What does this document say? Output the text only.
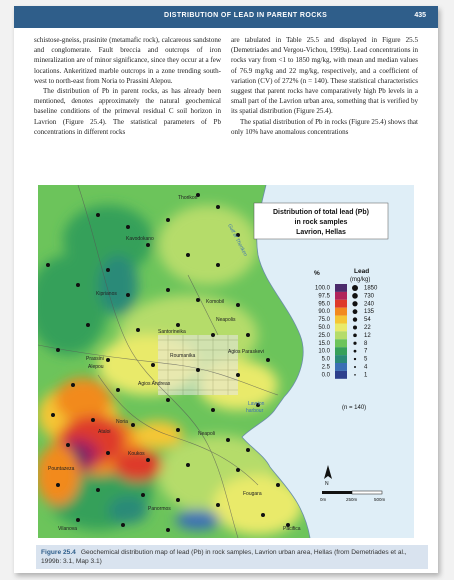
DISTRIBUTION OF LEAD IN PARENT ROCKS	435

schistose-gneiss, prasinite (metamafic rock), calcareous sandstone and conglomerate. Fault breccia and outcrops of iron mineralization are of minor significance, since they occur at a few locations. Ankeritized marble outcrops in a zone trending south-west to north-east from Noria to Prassini Alepou.

The distribution of Pb in parent rocks, as has already been mentioned, denotes approximately the natural geochemical baseline conditions of the primeval residual C soil horizon in Lavrion (Figure 25.4). The statistical parameters of Pb concentrations in different rocks

are tabulated in Table 25.5 and displayed in Figure 25.5 (Demetriades and Vergou-Vichou, 1999a). Lead concentrations in rocks vary from <1 to 1850 mg/kg, with mean and median values of 76.9 mg/kg and 22 mg/kg, respectively, and a coefficient of variation (CV) of 272% (n = 140). These statistical characteristics suggest that parent rocks have comparatively high Pb levels in a small part of the Lavrion urban area, something that is verified by its spatial distribution (Figure 25.4).

The spatial distribution of Pb in rocks (Figure 25.4) shows that only 10% have anomalous concentrations

Thorikon
Kavodokano	Gulf of Thorikon
Kiprianos
Santorineika
Komobil
Neapolis
Prassini
Alepou
Agios Paraskevi
Roumanika
Agios Andreas
Lavrion
harbour
Neapoli
Noria
Ataloi
Koukos
Pountazeza
Fougara
Panormos
Vilanova	Pacifica
Distribution of total lead (Pb)
in rock samples
Lavrion, Hellas
%	Lead
(mg/kg)
100.0	1850
97.5	730
95.0	240
90.0	135
75.0	54
50.0	22
25.0	12
15.0	8
10.0	7
5.0	5
2.5	4
0.0	1
(n = 140)
N
0m	250m	500m
Figure 25.4 Geochemical distribution map of lead (Pb) in rock samples, Lavrion urban area, Hellas (from Demetriades et al., 1999b: 3.1, Map 3.1)
